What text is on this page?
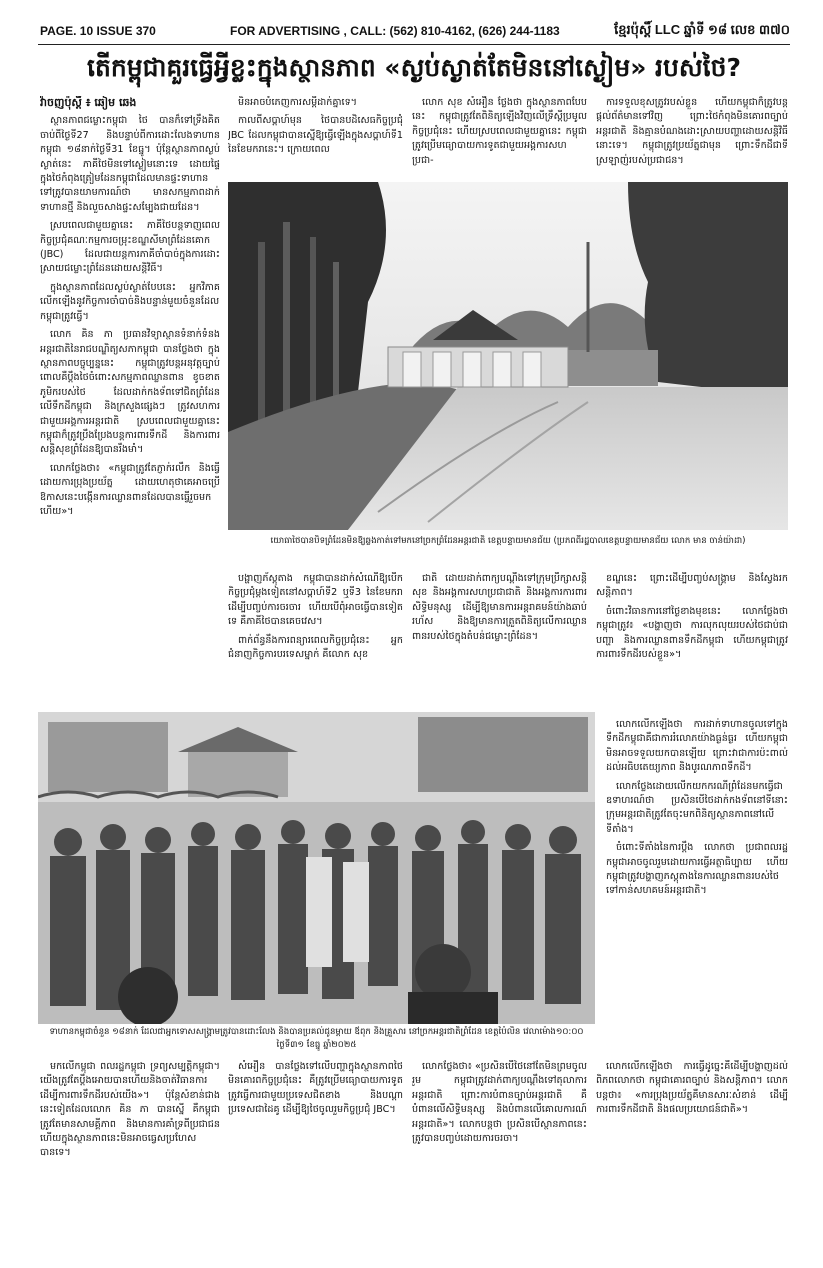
PAGE. 10 ISSUE 370	FOR ADVERTISING , CALL: (562) 810-4162, (626) 244-1183	ខ្មែរប៉ុស្តិ៍ LLC ឆ្នាំទី ១៨ លេខ ៣៧០
តើកម្ពុជាគួរធ្វើអ្វីខ្លះក្នុងស្ថានភាព «ស្ងប់ស្ងាត់តែមិននៅស្ងៀម» របស់ថៃ?
វ៉ាចញប៉ុស្តិ៍ ៖ ឆៀម ឆេង

ស្ថានភាពជម្លោះកម្ពុជា ថៃ បានក៏ទៅទ្រឹងគិតចាប់ពីថ្ងៃទី27 និងបន្ទាប់ពីការដោះលែងទាហានកម្ពុជា ១៨នាក់ថ្ងៃទី31 ខែធ្នូ។ ប៉ុន្តែស្ថានភាពស្ងប់ស្ងាត់នេះ ភាគីថៃមិនទៅស្ងៀមនោះទេ ដោយផ្ទៃក្នុងថៃកំពុងត្រៀមដែនកម្ពុជាដែលមានផ្ទះទាហានទៅត្រូវបានយាមការណ៍ថា មានសកម្មភាពដាក់ទាហានថ្មី និងលួចសាងផ្ទះសម្បែងជាយដែន។

ស្របពេលជាមួយគ្នានេះ ភាគីថៃបន្តទាញពេលកិច្ចប្រជុំគណៈកម្មការចម្រុះខណ្ឌសីមាព្រំដែនគោក (JBC) ដែលជាយន្តការភាគីចាំបាច់ក្នុងការដោះស្រាយជម្លោះព្រំដែនដោយសន្តិវិធី។

ក្នុងស្ថានភាពដែលស្ងប់ស្ងាត់បែបនេះ អ្នកវិភាគលើកឡើងនូវកិច្ចការចាំបាច់និងបន្ទាន់មួយចំនួនដែលកម្ពុជាត្រូវធ្វើ។

លោក គិន ភា ប្រធានវិទ្យាស្ថានទំនាក់ទំនងអន្តរជាតិនៃរាជបណ្ឌិត្យសភាកម្ពុជា បានថ្លែងថា ក្នុងស្ថានភាពបច្ចុប្បន្ននេះ កម្ពុជាត្រូវបន្តអនុវត្តច្បាប់ ពោលគឺប្តឹងថៃចំពោះសកម្មភាពឈ្លានពាន ខូចខាតភូមិករបស់ថៃ ដែលដាក់កងទ័ពទៅជិតព្រំដែនលើទឹកដីកម្ពុជា និងក្រសួងផ្សេងៗ ត្រូវសហការជាមួយអង្គការអន្តរជាតិ ស្របពេលជាមួយគ្នានេះ កម្ពុជាក៏ត្រូវប្រឹងប្រែងបន្តការពារទឹកដី និងការពារសន្តិសុខព្រំដែនឱ្យបានរឹងមាំ។

លោកថ្លែងថា៖ «កម្ពុជាត្រូវតែភ្ញាក់រលឹក និងធ្វើដោយការប្រុងប្រយ័ត្ន ដោយហេតុថាគេអាចប្រើឱកាសនេះបង្កើនការឈ្លានពានដែលបានធ្វើរួចមកហើយ»។

មិនអាចបំភេញការសម្តីដាក់គ្នាទេ។

កាលពីសប្តាហ៍មុន ថៃបានបដិសេធកិច្ចប្រជុំ JBC ដែលកម្ពុជាបានស្នើឱ្យធ្វើឡើងក្នុងសប្តាហ៍ទី1 នៃខែមករានេះ។ ក្រោយពេល

លោក សុខ សំអឿន ថ្លែងថា ក្នុងស្ថានភាពបែបនេះ កម្ពុជាត្រូវតែពិនិត្យឡើងវិញលើទ្រឹស្តីប្រមូលកិច្ចប្រជុំនេះ ហើយស្របពេលជាមួយគ្នានេះ កម្ពុជាត្រូវប្រើមធ្យោបាយការទូតជាមួយអង្គការសហប្រជា-

ការទទួលខុសត្រូវរបស់ខ្លួន ហើយកម្ពុជាក៏ត្រូវបន្តផ្តល់ព័ត៌មានទៅវិញ ព្រោះថៃកំពុងមិនគោរពច្បាប់អន្តរជាតិ និងគ្មានបំណងដោះស្រាយបញ្ហាដោយសន្តិវិធីនោះទេ។ កម្ពុជាត្រូវប្រយ័ត្នជាមុន ព្រោះទឹកដីជាទីស្រឡាញ់របស់ប្រជាជន។

យោធាថៃបានបិទព្រំដែនមិនឱ្យឆ្លងកាត់ទៅមកនៅច្រកព្រំដែនអន្តរជាតិ ខេត្តបន្ទាយមានជ័យ (ប្រភពពីរដ្ឋបាលខេត្តបន្ទាយមានជ័យ លោក មាន ចាន់យ៉ាដា)

បង្ហាញភ័ស្តុតាង កម្ពុជាបានដាក់សំណើឱ្យបើកកិច្ចប្រជុំម្តងទៀតនៅសប្តាហ៍ទី2 ឬទី3 នៃខែមករា ដើម្បីបញ្ចប់ការចរចារ ហើយបើពុំអាចធ្វើបានទៀតទេ គឺភាគីថៃបានគេចវេស។

ពាក់ព័ន្ធនឹងការពន្យារពេលកិច្ចប្រជុំនេះ អ្នកជំនាញកិច្ចការបរទេសម្នាក់ គឺលោក សុខ

ជាតិ ដោយដាក់ពាក្យបណ្តឹងទៅក្រុមប្រឹក្សាសន្តិសុខ និងអង្គការសហប្រជាជាតិ និងអង្គការការពារសិទ្ធិមនុស្ស ដើម្បីឱ្យមានការអន្តរាគមន៍យ៉ាងឆាប់រហ័ស និងឱ្យមានការត្រួតពិនិត្យលើការឈ្លានពានរបស់ថៃក្នុងតំបន់ជម្លោះព្រំដែន។

ខណ្ឌនេះ ព្រោះដើម្បីបញ្ចប់សង្គ្រាម និងស្វែងរកសន្តិភាព។

ចំពោះវិធានការនៅថ្ងៃខាងមុខនេះ លោកថ្លែងថា កម្ពុជាត្រូវ៖ «បង្ហាញថា ការលុកលុយរបស់ថៃជាប់ជាបញ្ហា និងការឈ្លានពានទឹកដីកម្ពុជា ហើយកម្ពុជាត្រូវការពារទឹកដីរបស់ខ្លួន»។

ទាហានកម្ពុជាចំនួន ១៨នាក់ ដែលជាអ្នកទោសសង្គ្រាមត្រូវបានដោះលែង និងបានប្រគល់ជូនម្តាយ ឪពុក និងគ្រួសារ នៅច្រកអន្តរជាតិព្រំដែន ខេត្តប៉ៃលិន វេលាម៉ោង១០:០០ ថ្ងៃទី៣១ ខែធ្នូ ឆ្នាំ២០២៥

លោកលើកឡើងថា ការដាក់ទាហានចូលទៅក្នុងទឹកដីកម្ពុជាគឺជាការរំលោភយ៉ាងធ្ងន់ធ្ងរ ហើយកម្ពុជាមិនអាចទទួលយកបានឡើយ ព្រោះវាជាការប៉ះពាល់ដល់អធិបតេយ្យភាព និងបូរណភាពទឹកដី។

លោកថ្លែងដោយលើកយកករណីព្រំដែនមកធ្វើជាឧទាហរណ៍ថា ប្រសិនបើថៃដាក់កងទ័ពនៅទីនោះ ក្រុមអន្តរជាតិត្រូវតែចុះមកពិនិត្យស្ថានភាពនៅលើទីតាំង។

ចំពោះទីតាំងនៃការប្តឹង លោកថា ប្រជាពលរដ្ឋកម្ពុជាអាចចូលរួមដោយការធ្វើអត្ថាធិប្បាយ ហើយកម្ពុជាត្រូវបង្ហាញភស្តុតាងនៃការឈ្លានពានរបស់ថៃទៅកាន់សហគមន៍អន្តរជាតិ។

មកលើកម្ពុជា ពលរដ្ឋកម្ពុជា ទ្រព្យសម្បត្តិកម្ពុជា។ យើងត្រូវតែប្តឹងអោយបានហើយនិងចាត់វិធានការ ដើម្បីការពារទឹកដីរបស់យើង»។ ប៉ុន្តែសំខាន់ជាងនេះទៀតដែលលោក គិន ភា បានស្នើ គឺកម្ពុជាត្រូវតែមានសាមគ្គីភាព និងមានការគាំទ្រពីប្រជាជន ហើយក្នុងស្ថានភាពនេះមិនអាចធ្វេសប្រហែសបានទេ។

សំអឿន បានថ្លែងទៅលើបញ្ហាក្នុងស្ថានភាពថៃមិនគោរពកិច្ចប្រជុំនេះ គឺត្រូវប្រើមធ្យោបាយការទូត ត្រូវធ្វើការជាមួយប្រទេសជិតខាង និងបណ្តាប្រទេសជាដៃគូ ដើម្បីឱ្យថៃចូលរួមកិច្ចប្រជុំ JBC។

លោកថ្លែងថា៖ «ប្រសិនបើថៃនៅតែមិនព្រមចូលរួម កម្ពុជាត្រូវដាក់ពាក្យបណ្តឹងទៅតុលាការអន្តរជាតិ ព្រោះការបំពានច្បាប់អន្តរជាតិ គឺបំពានលើសិទ្ធិមនុស្ស និងបំពានលើគោលការណ៍អន្តរជាតិ»។ លោកបន្តថា ប្រសិនបើស្ថានភាពនេះត្រូវបានបញ្ចប់ដោយការចរចា។

លោកលើកឡើងថា ការធ្វើដូច្នេះគឺដើម្បីបង្ហាញដល់ពិភពលោកថា កម្ពុជាគោរពច្បាប់ និងសន្តិភាព។ លោកបន្តថា៖ «ការប្រុងប្រយ័ត្នគឺមានសារៈសំខាន់ ដើម្បីការពារទឹកដីជាតិ និងផលប្រយោជន៍ជាតិ»។
